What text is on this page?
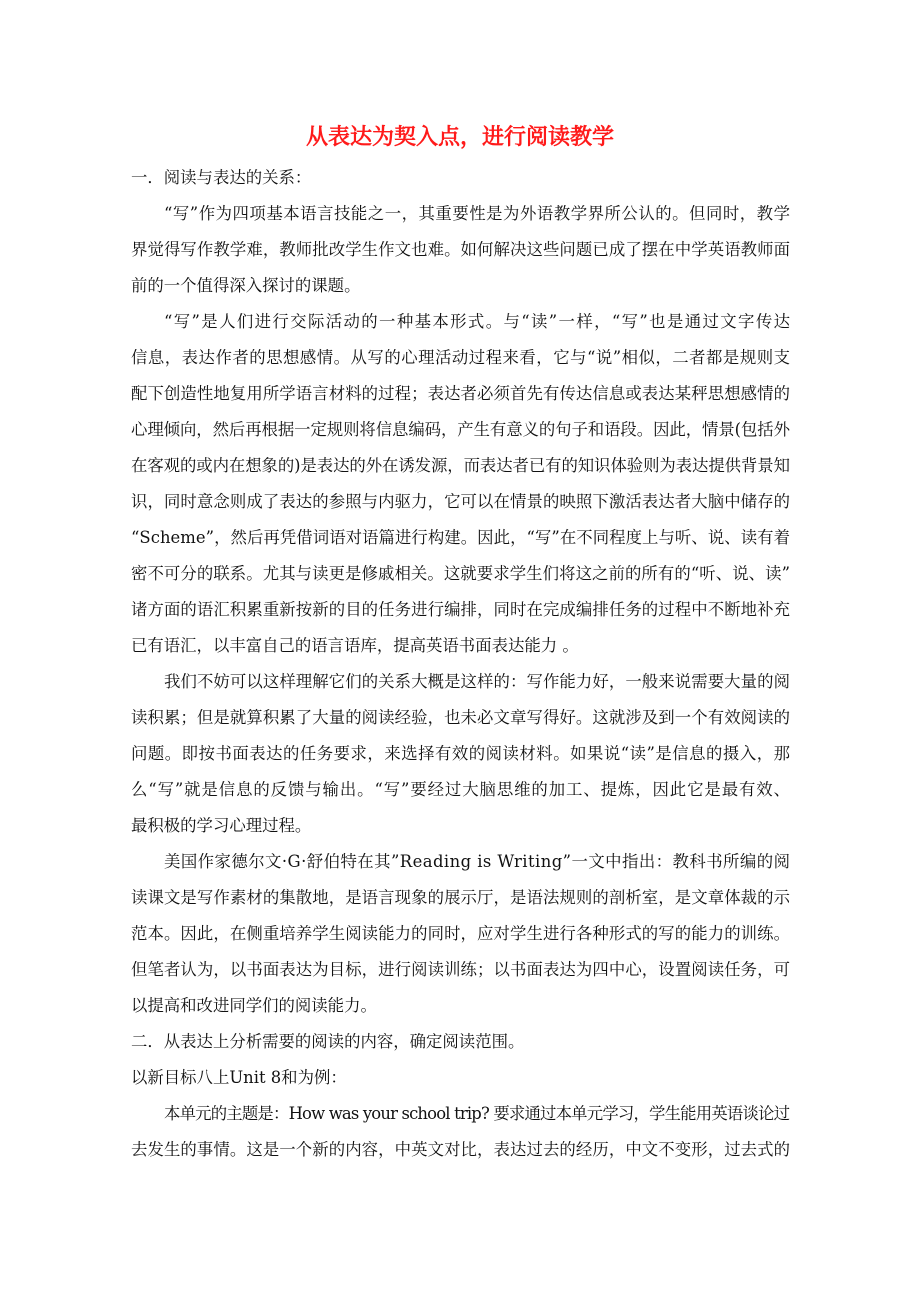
从表达为契入点，进行阅读教学
一．阅读与表达的关系：
“写”作为四项基本语言技能之一，其重要性是为外语教学界所公认的。但同时，教学
界觉得写作教学难，教师批改学生作文也难。如何解决这些问题已成了摆在中学英语教师面
前的一个值得深入探讨的课题。
“写”是人们进行交际活动的一种基本形式。与“读”一样，“写”也是通过文字传达
信息，表达作者的思想感情。从写的心理活动过程来看，它与“说”相似，二者都是规则支
配下创造性地复用所学语言材料的过程；表达者必须首先有传达信息或表达某秤思想感情的
心理倾向，然后再根据一定规则将信息编码，产生有意义的句子和语段。因此，情景(包括外
在客观的或内在想象的)是表达的外在诱发源，而表达者已有的知识体验则为表达提供背景知
识，同时意念则成了表达的参照与内驱力，它可以在情景的映照下激活表达者大脑中储存的
“Scheme”，然后再凭借词语对语篇进行构建。因此，“写”在不同程度上与听、说、读有着
密不可分的联系。尤其与读更是修戚相关。这就要求学生们将这之前的所有的“听、说、读”
诸方面的语汇积累重新按新的目的任务进行编排，同时在完成编排任务的过程中不断地补充
已有语汇，以丰富自己的语言语库，提高英语书面表达能力 。
我们不妨可以这样理解它们的关系大概是这样的：写作能力好，一般来说需要大量的阅
读积累；但是就算积累了大量的阅读经验，也未必文章写得好。这就涉及到一个有效阅读的
问题。即按书面表达的任务要求，来选择有效的阅读材料。如果说“读”是信息的摄入，那
么“写”就是信息的反馈与输出。“写”要经过大脑思维的加工、提炼，因此它是最有效、
最积极的学习心理过程。
美国作家德尔文·G·舒伯特在其”Reading is Writing”一文中指出：教科书所编的阅
读课文是写作素材的集散地，是语言现象的展示厅，是语法规则的剖析室，是文章体裁的示
范本。因此，在侧重培养学生阅读能力的同时，应对学生进行各种形式的写的能力的训练。
但笔者认为，以书面表达为目标，进行阅读训练；以书面表达为四中心，设置阅读任务，可
以提高和改进同学们的阅读能力。
二．从表达上分析需要的阅读的内容，确定阅读范围。
以新目标八上Unit 8和为例：
本单元的主题是：How was your school trip? 要求通过本单元学习，学生能用英语谈论过
去发生的事情。这是一个新的内容，中英文对比，表达过去的经历，中文不变形，过去式的
